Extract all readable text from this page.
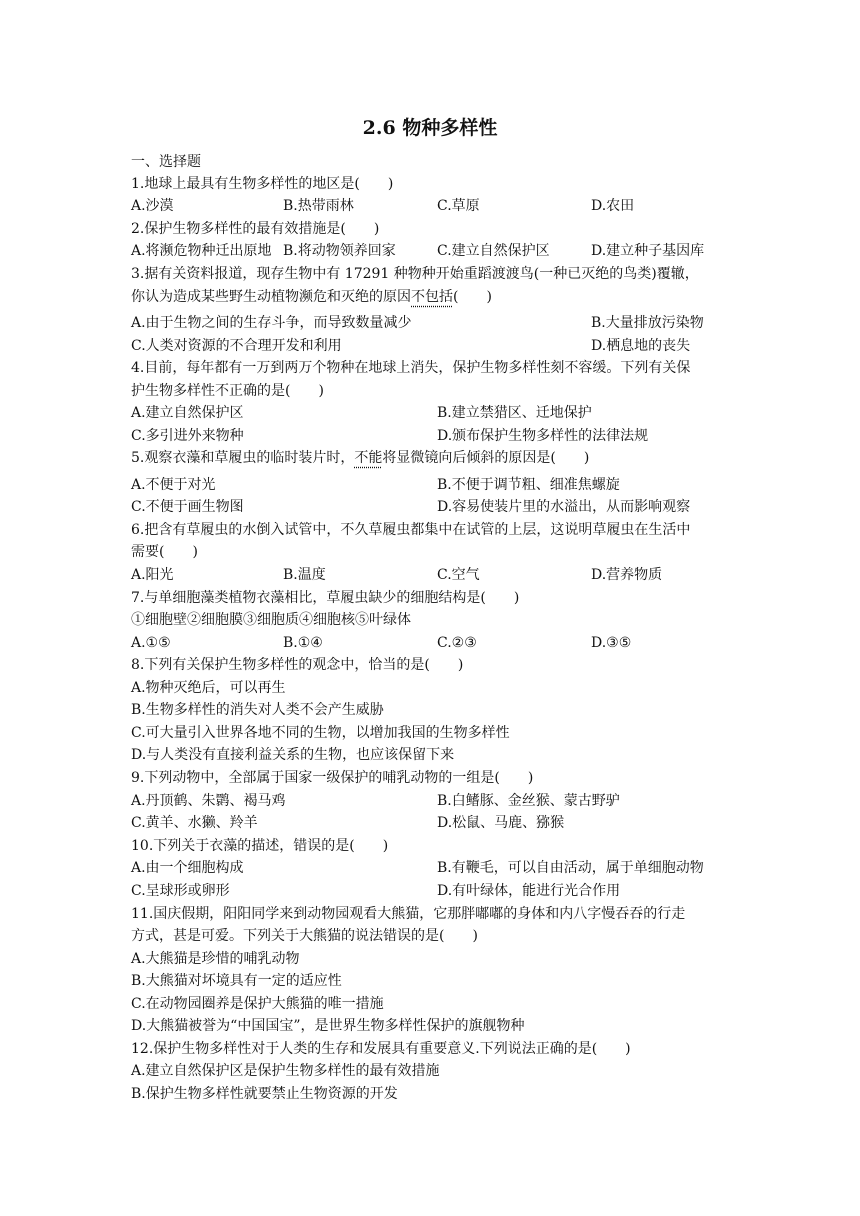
2.6 物种多样性
一、选择题
1.地球上最具有生物多样性的地区是(　　)
A.沙漠	B.热带雨林	C.草原	D.农田
2.保护生物多样性的最有效措施是(　　)
A.将濒危物种迁出原地 B.将动物领养回家	C.建立自然保护区	D.建立种子基因库
3.据有关资料报道，现存生物中有 17291 种物种开始重蹈渡渡鸟(一种已灭绝的鸟类)覆辙，
你认为造成某些野生动植物濒危和灭绝的原因不包括(　　)
A.由于生物之间的生存斗争，而导致数量减少	B.大量排放污染物
C.人类对资源的不合理开发和利用	D.栖息地的丧失
4.目前，每年都有一万到两万个物种在地球上消失，保护生物多样性刻不容缓。下列有关保
护生物多样性不正确的是(　　)
A.建立自然保护区	B.建立禁猎区、迁地保护
C.多引进外来物种	D.颁布保护生物多样性的法律法规
5.观察衣藻和草履虫的临时装片时，不能将显微镜向后倾斜的原因是(　　)
A.不便于对光	B.不便于调节粗、细准焦螺旋
C.不便于画生物图	D.容易使装片里的水溢出，从而影响观察
6.把含有草履虫的水倒入试管中，不久草履虫都集中在试管的上层，这说明草履虫在生活中
需要(　　)
A.阳光	B.温度	C.空气	D.营养物质
7.与单细胞藻类植物衣藻相比，草履虫缺少的细胞结构是(　　)
①细胞壁②细胞膜③细胞质④细胞核⑤叶绿体
A.①⑤	B.①④	C.②③	D.③⑤
8.下列有关保护生物多样性的观念中，恰当的是(　　)
A.物种灭绝后，可以再生
B.生物多样性的消失对人类不会产生威胁
C.可大量引入世界各地不同的生物，以增加我国的生物多样性
D.与人类没有直接利益关系的生物，也应该保留下来
9.下列动物中，全部属于国家一级保护的哺乳动物的一组是(　　)
A.丹顶鹤、朱鹮、褐马鸡	B.白鳍豚、金丝猴、蒙古野驴
C.黄羊、水獭、羚羊	D.松鼠、马鹿、猕猴
10.下列关于衣藻的描述，错误的是(　　)
A.由一个细胞构成	B.有鞭毛，可以自由活动，属于单细胞动物
C.呈球形或卵形	D.有叶绿体，能进行光合作用
11.国庆假期，阳阳同学来到动物园观看大熊猫，它那胖嘟嘟的身体和内八字慢吞吞的行走
方式，甚是可爱。下列关于大熊猫的说法错误的是(　　)
A.大熊猫是珍惜的哺乳动物
B.大熊猫对坏境具有一定的适应性
C.在动物园圈养是保护大熊猫的唯一措施
D.大熊猫被誉为“中国国宝”，是世界生物多样性保护的旗舰物种
12.保护生物多样性对于人类的生存和发展具有重要意义.下列说法正确的是(　　)
A.建立自然保护区是保护生物多样性的最有效措施
B.保护生物多样性就要禁止生物资源的开发
